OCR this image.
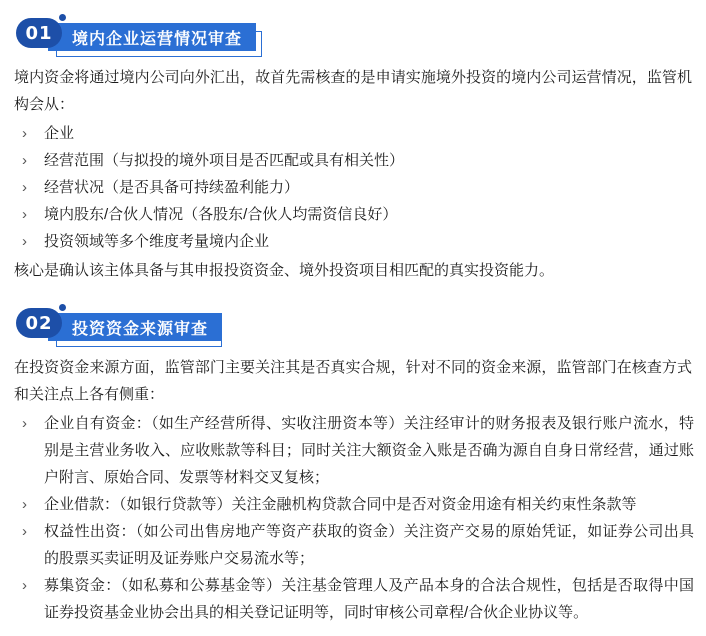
01	境内企业运营情况审查

境内资金将通过境内公司向外汇出，故首先需核查的是申请实施境外投资的境内公司运营情况，监管机构会从：

› 企业
› 经营范围（与拟投的境外项目是否匹配或具有相关性）
› 经营状况（是否具备可持续盈利能力）
› 境内股东/合伙人情况（各股东/合伙人均需资信良好）
› 投资领域等多个维度考量境内企业

核心是确认该主体具备与其申报投资资金、境外投资项目相匹配的真实投资能力。

02	投资资金来源审查

在投资资金来源方面，监管部门主要关注其是否真实合规，针对不同的资金来源，监管部门在核查方式和关注点上各有侧重：

› 企业自有资金：（如生产经营所得、实收注册资本等）关注经审计的财务报表及银行账户流水，特别是主营业务收入、应收账款等科目；同时关注大额资金入账是否确为源自自身日常经营，通过账户附言、原始合同、发票等材料交叉复核；
› 企业借款：（如银行贷款等）关注金融机构贷款合同中是否对资金用途有相关约束性条款等
› 权益性出资：（如公司出售房地产等资产获取的资金）关注资产交易的原始凭证，如证券公司出具的股票买卖证明及证券账户交易流水等；
› 募集资金：（如私募和公募基金等）关注基金管理人及产品本身的合法合规性，包括是否取得中国证券投资基金业协会出具的相关登记证明等，同时审核公司章程/合伙企业协议等。
